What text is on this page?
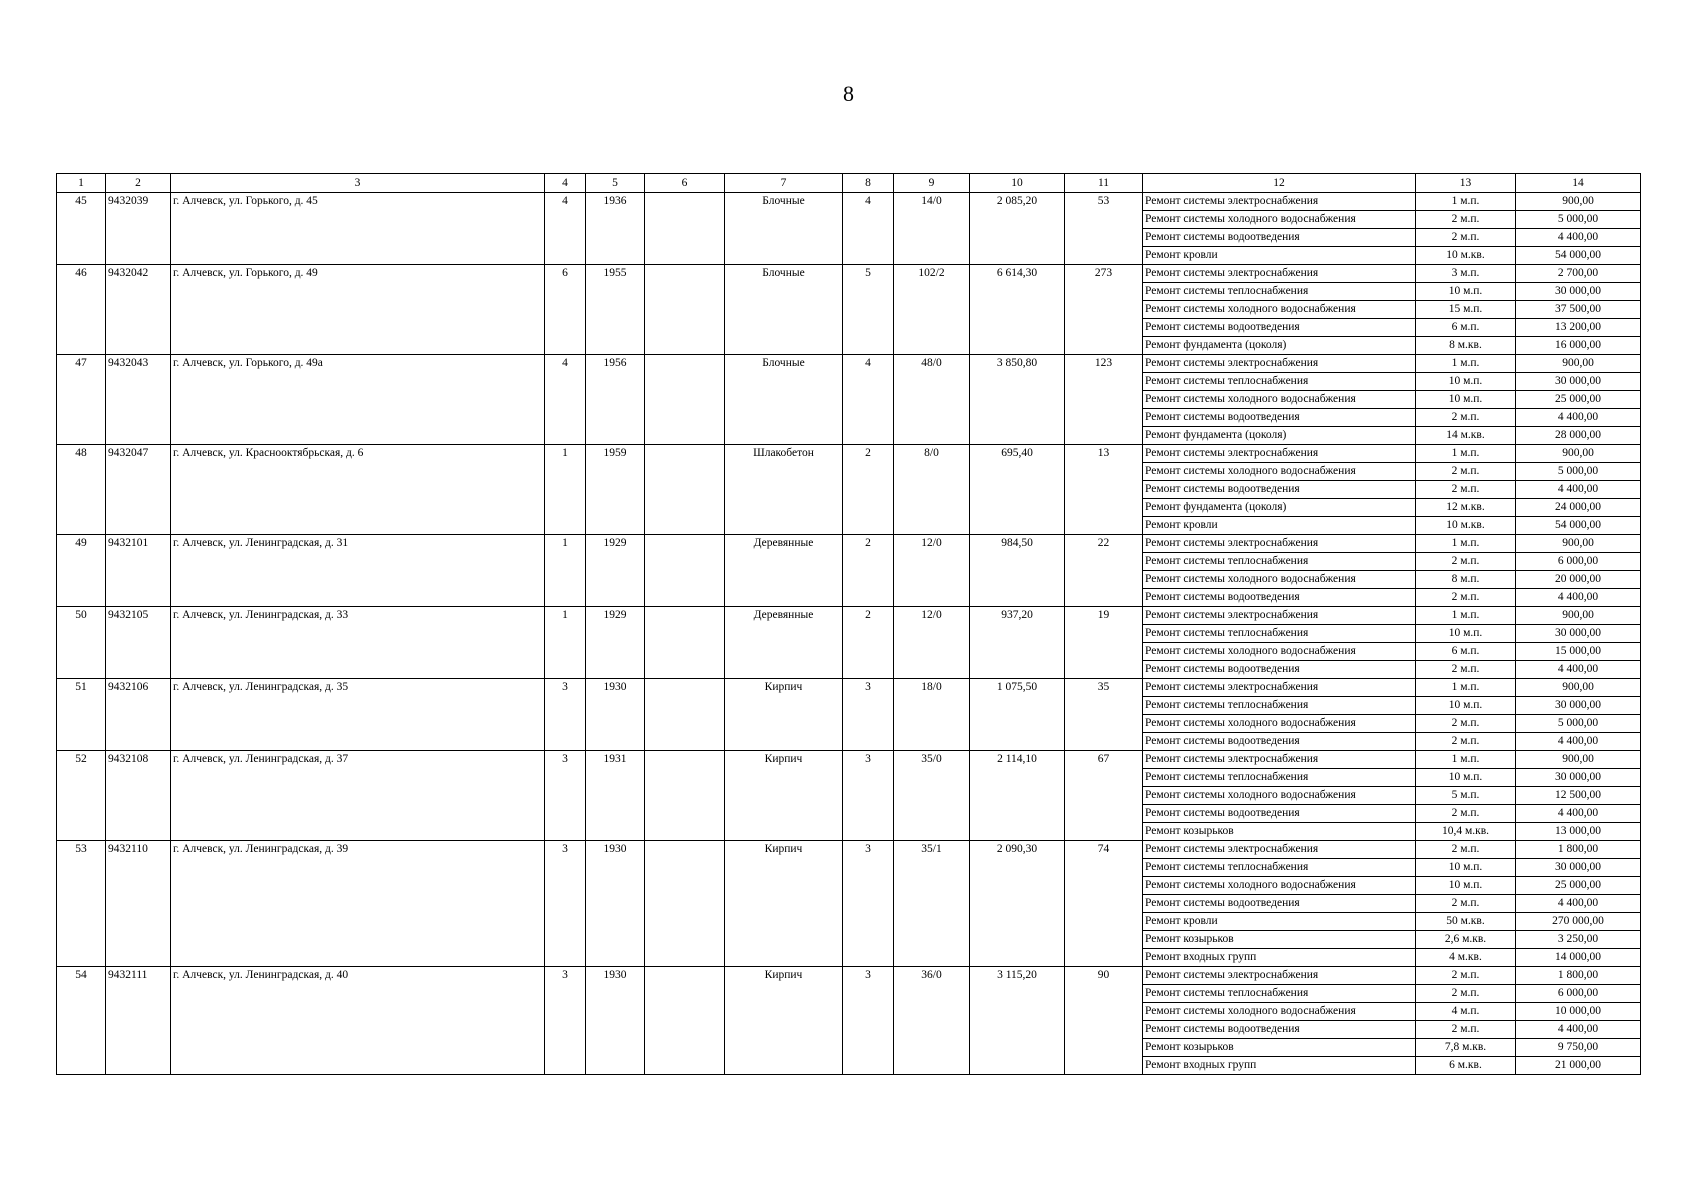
8
1	2	3	4	5	6	7	8	9	10	11	12	13	14
45	9432039	г. Алчевск, ул. Горького, д. 45	4	1936		Блочные	4	14/0	2 085,20	53	Ремонт системы электроснабжения	1 м.п.	900,00
											Ремонт системы холодного водоснабжения	2 м.п.	5 000,00
											Ремонт системы водоотведения	2 м.п.	4 400,00
											Ремонт кровли	10 м.кв.	54 000,00
46	9432042	г. Алчевск, ул. Горького, д. 49	6	1955		Блочные	5	102/2	6 614,30	273	Ремонт системы электроснабжения	3 м.п.	2 700,00
											Ремонт системы теплоснабжения	10 м.п.	30 000,00
											Ремонт системы холодного водоснабжения	15 м.п.	37 500,00
											Ремонт системы водоотведения	6 м.п.	13 200,00
											Ремонт фундамента (цоколя)	8 м.кв.	16 000,00
47	9432043	г. Алчевск, ул. Горького, д. 49а	4	1956		Блочные	4	48/0	3 850,80	123	Ремонт системы электроснабжения	1 м.п.	900,00
											Ремонт системы теплоснабжения	10 м.п.	30 000,00
											Ремонт системы холодного водоснабжения	10 м.п.	25 000,00
											Ремонт системы водоотведения	2 м.п.	4 400,00
											Ремонт фундамента (цоколя)	14 м.кв.	28 000,00
48	9432047	г. Алчевск, ул. Краснооктябрьская, д. 6	1	1959		Шлакобетон	2	8/0	695,40	13	Ремонт системы электроснабжения	1 м.п.	900,00
											Ремонт системы холодного водоснабжения	2 м.п.	5 000,00
											Ремонт системы водоотведения	2 м.п.	4 400,00
											Ремонт фундамента (цоколя)	12 м.кв.	24 000,00
											Ремонт кровли	10 м.кв.	54 000,00
49	9432101	г. Алчевск, ул. Ленинградская, д. 31	1	1929		Деревянные	2	12/0	984,50	22	Ремонт системы электроснабжения	1 м.п.	900,00
											Ремонт системы теплоснабжения	2 м.п.	6 000,00
											Ремонт системы холодного водоснабжения	8 м.п.	20 000,00
											Ремонт системы водоотведения	2 м.п.	4 400,00
50	9432105	г. Алчевск, ул. Ленинградская, д. 33	1	1929		Деревянные	2	12/0	937,20	19	Ремонт системы электроснабжения	1 м.п.	900,00
											Ремонт системы теплоснабжения	10 м.п.	30 000,00
											Ремонт системы холодного водоснабжения	6 м.п.	15 000,00
											Ремонт системы водоотведения	2 м.п.	4 400,00
51	9432106	г. Алчевск, ул. Ленинградская, д. 35	3	1930		Кирпич	3	18/0	1 075,50	35	Ремонт системы электроснабжения	1 м.п.	900,00
											Ремонт системы теплоснабжения	10 м.п.	30 000,00
											Ремонт системы холодного водоснабжения	2 м.п.	5 000,00
											Ремонт системы водоотведения	2 м.п.	4 400,00
52	9432108	г. Алчевск, ул. Ленинградская, д. 37	3	1931		Кирпич	3	35/0	2 114,10	67	Ремонт системы электроснабжения	1 м.п.	900,00
											Ремонт системы теплоснабжения	10 м.п.	30 000,00
											Ремонт системы холодного водоснабжения	5 м.п.	12 500,00
											Ремонт системы водоотведения	2 м.п.	4 400,00
											Ремонт козырьков	10,4 м.кв.	13 000,00
53	9432110	г. Алчевск, ул. Ленинградская, д. 39	3	1930		Кирпич	3	35/1	2 090,30	74	Ремонт системы электроснабжения	2 м.п.	1 800,00
											Ремонт системы теплоснабжения	10 м.п.	30 000,00
											Ремонт системы холодного водоснабжения	10 м.п.	25 000,00
											Ремонт системы водоотведения	2 м.п.	4 400,00
											Ремонт кровли	50 м.кв.	270 000,00
											Ремонт козырьков	2,6 м.кв.	3 250,00
											Ремонт входных групп	4 м.кв.	14 000,00
54	9432111	г. Алчевск, ул. Ленинградская, д. 40	3	1930		Кирпич	3	36/0	3 115,20	90	Ремонт системы электроснабжения	2 м.п.	1 800,00
											Ремонт системы теплоснабжения	2 м.п.	6 000,00
											Ремонт системы холодного водоснабжения	4 м.п.	10 000,00
											Ремонт системы водоотведения	2 м.п.	4 400,00
											Ремонт козырьков	7,8 м.кв.	9 750,00
											Ремонт входных групп	6 м.кв.	21 000,00
